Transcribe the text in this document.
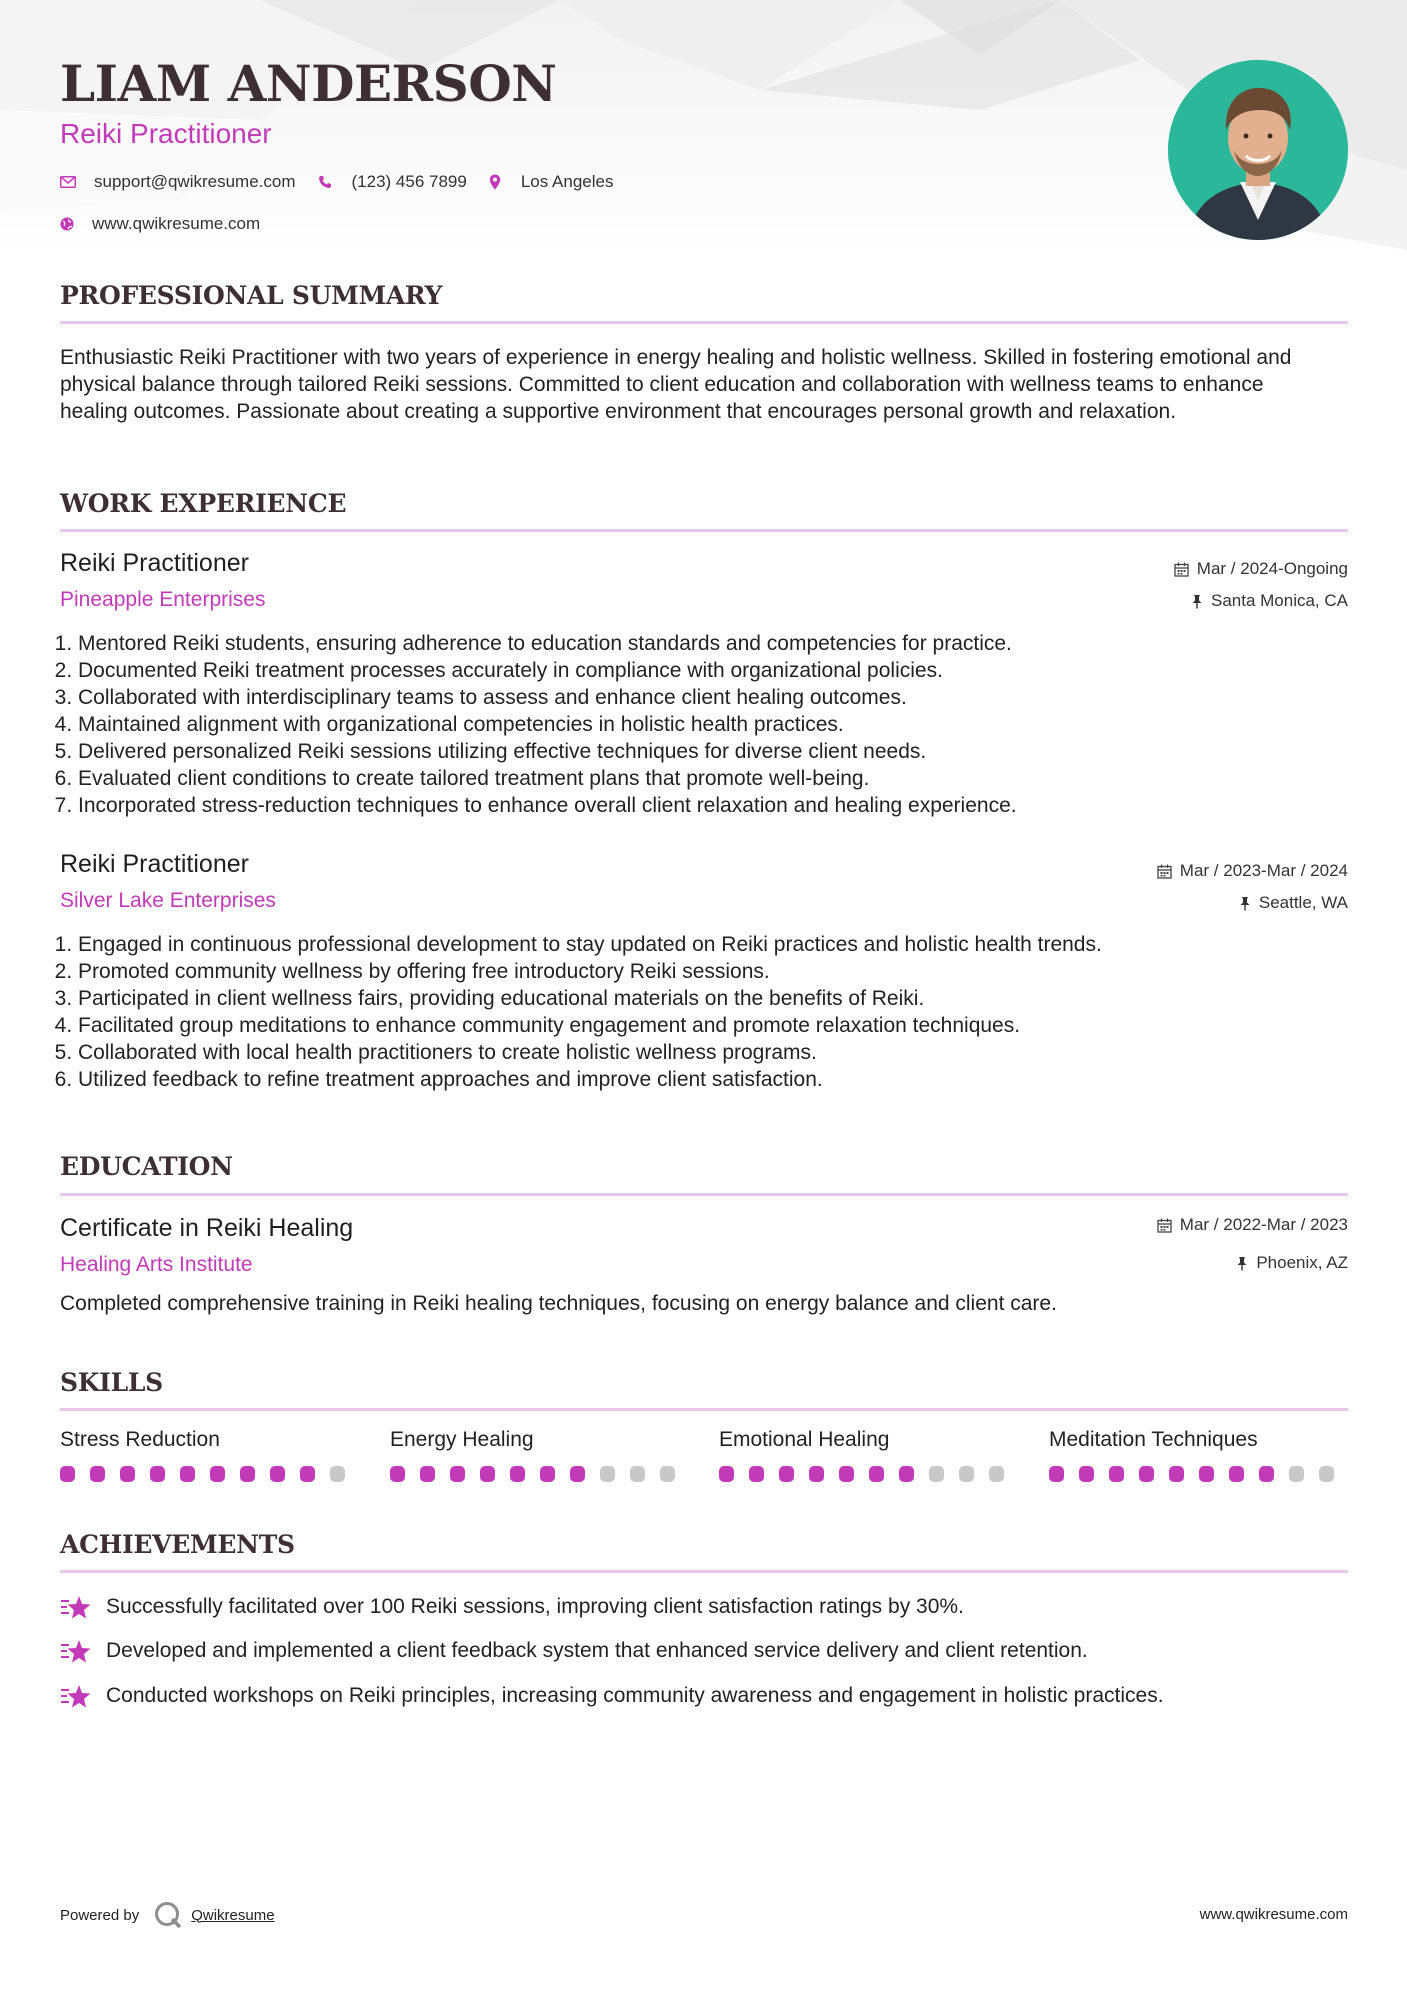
LIAM ANDERSON
Reiki Practitioner
support@qwikresume.com	(123) 456 7899	Los Angeles
www.qwikresume.com
PROFESSIONAL SUMMARY
Enthusiastic Reiki Practitioner with two years of experience in energy healing and holistic wellness. Skilled in fostering emotional and physical balance through tailored Reiki sessions. Committed to client education and collaboration with wellness teams to enhance healing outcomes. Passionate about creating a supportive environment that encourages personal growth and relaxation.
WORK EXPERIENCE
Reiki Practitioner
Pineapple Enterprises
Mar / 2024-Ongoing
Santa Monica, CA
1. Mentored Reiki students, ensuring adherence to education standards and competencies for practice.
2. Documented Reiki treatment processes accurately in compliance with organizational policies.
3. Collaborated with interdisciplinary teams to assess and enhance client healing outcomes.
4. Maintained alignment with organizational competencies in holistic health practices.
5. Delivered personalized Reiki sessions utilizing effective techniques for diverse client needs.
6. Evaluated client conditions to create tailored treatment plans that promote well-being.
7. Incorporated stress-reduction techniques to enhance overall client relaxation and healing experience.
Reiki Practitioner
Silver Lake Enterprises
Mar / 2023-Mar / 2024
Seattle, WA
1. Engaged in continuous professional development to stay updated on Reiki practices and holistic health trends.
2. Promoted community wellness by offering free introductory Reiki sessions.
3. Participated in client wellness fairs, providing educational materials on the benefits of Reiki.
4. Facilitated group meditations to enhance community engagement and promote relaxation techniques.
5. Collaborated with local health practitioners to create holistic wellness programs.
6. Utilized feedback to refine treatment approaches and improve client satisfaction.
EDUCATION
Certificate in Reiki Healing
Healing Arts Institute
Mar / 2022-Mar / 2023
Phoenix, AZ
Completed comprehensive training in Reiki healing techniques, focusing on energy balance and client care.
SKILLS
Stress Reduction	Energy Healing	Emotional Healing	Meditation Techniques
ACHIEVEMENTS
Successfully facilitated over 100 Reiki sessions, improving client satisfaction ratings by 30%.
Developed and implemented a client feedback system that enhanced service delivery and client retention.
Conducted workshops on Reiki principles, increasing community awareness and engagement in holistic practices.
Powered by	Qwikresume	www.qwikresume.com
